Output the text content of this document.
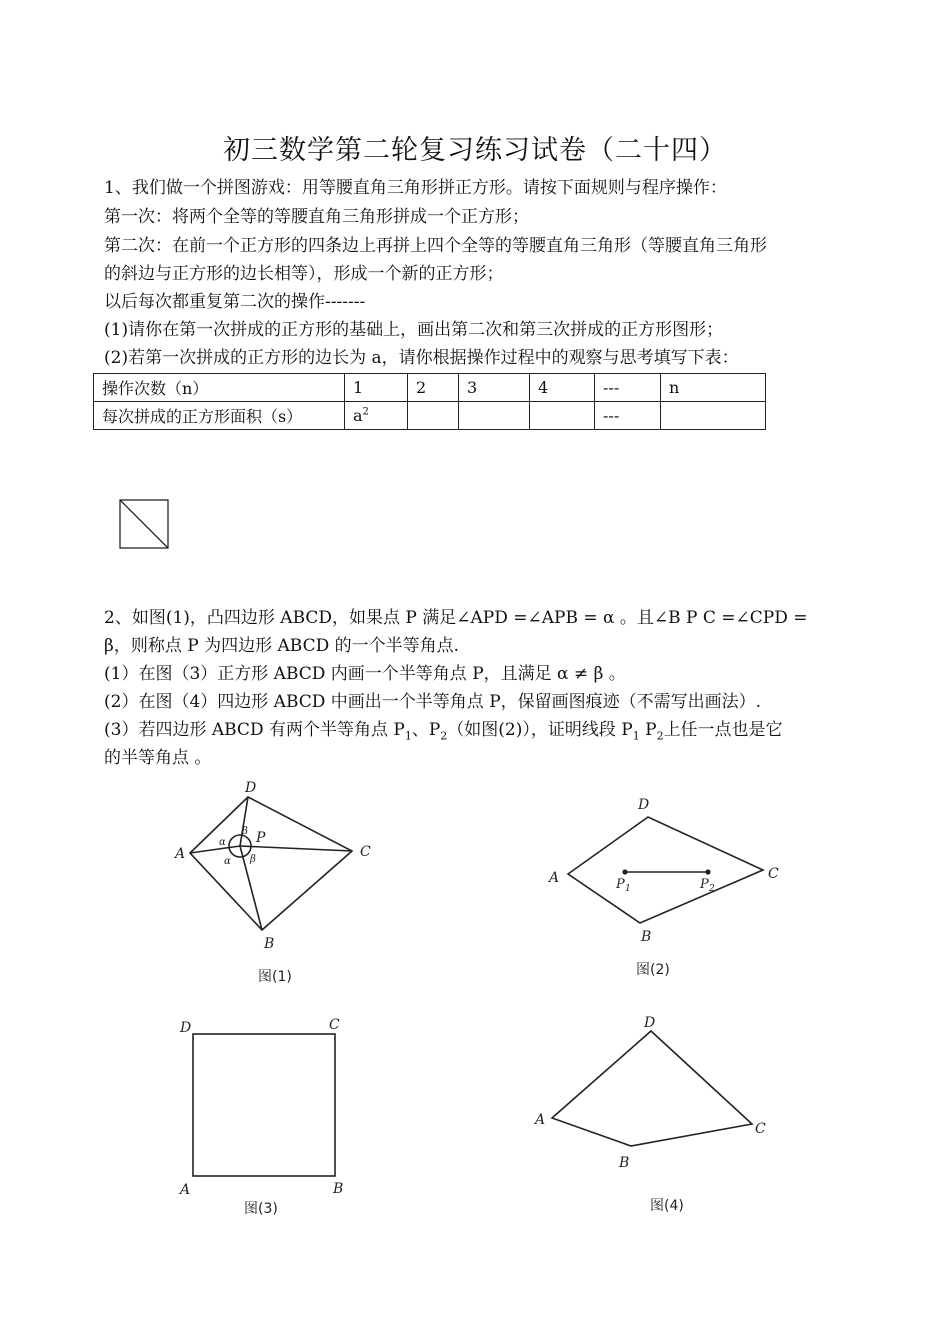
初三数学第二轮复习练习试卷（二十四）
1、我们做一个拼图游戏：用等腰直角三角形拼正方形。请按下面规则与程序操作：
第一次：将两个全等的等腰直角三角形拼成一个正方形；
第二次：在前一个正方形的四条边上再拼上四个全等的等腰直角三角形（等腰直角三角形
的斜边与正方形的边长相等），形成一个新的正方形；
以后每次都重复第二次的操作-------
(1)请你在第一次拼成的正方形的基础上，画出第二次和第三次拼成的正方形图形；
(2)若第一次拼成的正方形的边长为 a，请你根据操作过程中的观察与思考填写下表：
操作次数（n）	1	2	3	4	---	n
每次拼成的正方形面积（s）	$a^2$				---	
D
A	C
B
P
α
α
β
β
图(1)
D
A	C
B
P 1	P 2
图(2)
D	C
A	B
图(3)
D
A
C
B
图(4)
2、如图(1)，凸四边形 ABCD，如果点 P 满足∠APD =∠APB = α 。且∠B P C =∠CPD =
β，则称点 P 为四边形 ABCD 的一个半等角点.
(1）在图（3）正方形 ABCD 内画一个半等角点 P，且满足 α ≠ β 。
(2）在图（4）四边形 ABCD 中画出一个半等角点 P，保留画图痕迹（不需写出画法）.
(3）若四边形 ABCD 有两个半等角点 $P_1$、$P_2$（如图(2)），证明线段 $P_1$ $P_2$上任一点也是它
的半等角点 。
